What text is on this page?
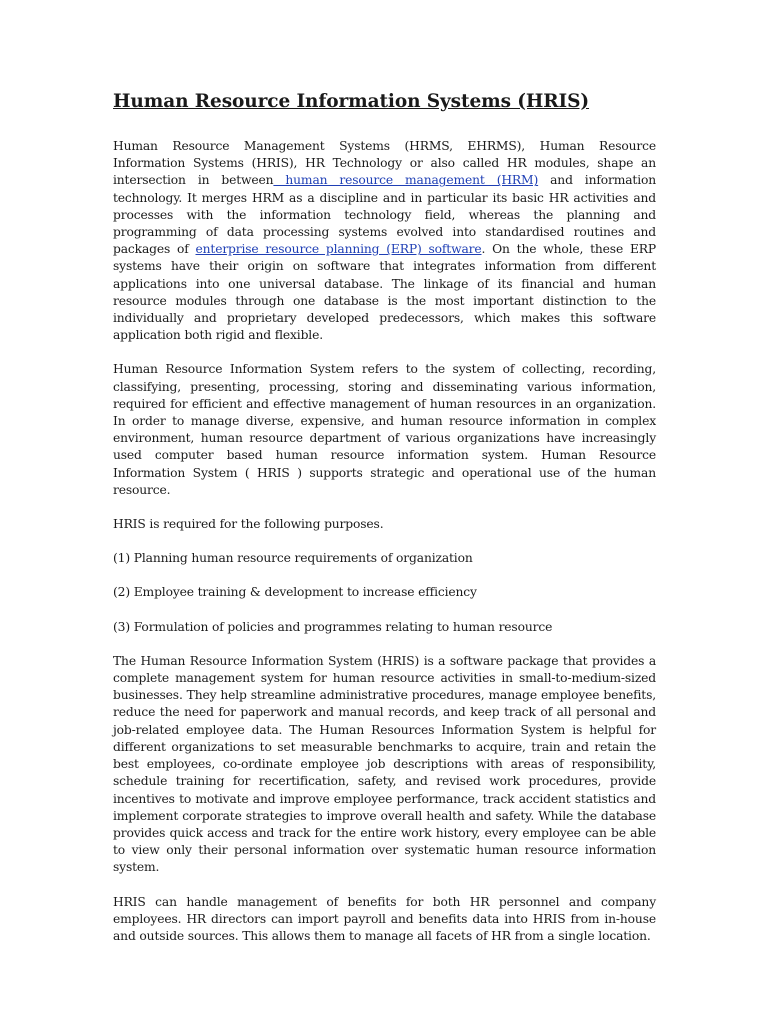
Human Resource Information Systems (HRIS)

Human Resource Management Systems (HRMS, EHRMS), Human Resource Information Systems (HRIS), HR Technology or also called HR modules, shape an intersection in between human resource management (HRM) and information technology. It merges HRM as a discipline and in particular its basic HR activities and processes with the information technology field, whereas the planning and programming of data processing systems evolved into standardised routines and packages of enterprise resource planning (ERP) software. On the whole, these ERP systems have their origin on software that integrates information from different applications into one universal database. The linkage of its financial and human resource modules through one database is the most important distinction to the individually and proprietary developed predecessors, which makes this software application both rigid and flexible.

Human Resource Information System refers to the system of collecting, recording, classifying, presenting, processing, storing and disseminating various information, required for efficient and effective management of human resources in an organization. In order to manage diverse, expensive, and human resource information in complex environment, human resource department of various organizations have increasingly used computer based human resource information system. Human Resource Information System ( HRIS ) supports strategic and operational use of the human resource.

HRIS is required for the following purposes.

(1) Planning human resource requirements of organization

(2) Employee training & development to increase efficiency

(3) Formulation of policies and programmes relating to human resource

The Human Resource Information System (HRIS) is a software package that provides a complete management system for human resource activities in small-to-medium-sized businesses. They help streamline administrative procedures, manage employee benefits, reduce the need for paperwork and manual records, and keep track of all personal and job-related employee data. The Human Resources Information System is helpful for different organizations to set measurable benchmarks to acquire, train and retain the best employees, co-ordinate employee job descriptions with areas of responsibility, schedule training for recertification, safety, and revised work procedures, provide incentives to motivate and improve employee performance, track accident statistics and implement corporate strategies to improve overall health and safety. While the database provides quick access and track for the entire work history, every employee can be able to view only their personal information over systematic human resource information system.

HRIS can handle management of benefits for both HR personnel and company employees. HR directors can import payroll and benefits data into HRIS from in-house and outside sources. This allows them to manage all facets of HR from a single location.
